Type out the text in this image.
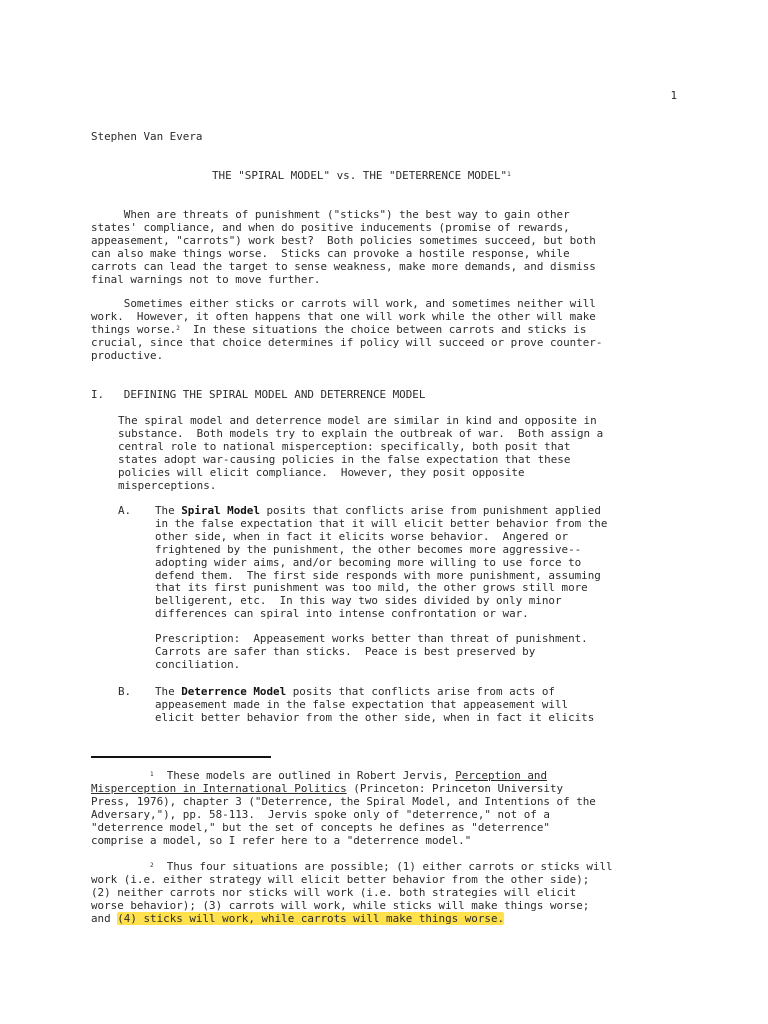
1

Stephen Van Evera

THE "SPIRAL MODEL" vs. THE "DETERRENCE MODEL"$^1$

When are threats of punishment ("sticks") the best way to gain other
states' compliance, and when do positive inducements (promise of rewards,
appeasement, "carrots") work best?  Both policies sometimes succeed, but both
can also make things worse.  Sticks can provoke a hostile response, while
carrots can lead the target to sense weakness, make more demands, and dismiss
final warnings not to move further.

Sometimes either sticks or carrots will work, and sometimes neither will
work.  However, it often happens that one will work while the other will make
things worse.$^2$  In these situations the choice between carrots and sticks is
crucial, since that choice determines if policy will succeed or prove counter-
productive.

I.   DEFINING THE SPIRAL MODEL AND DETERRENCE MODEL

The spiral model and deterrence model are similar in kind and opposite in
substance.  Both models try to explain the outbreak of war.  Both assign a
central role to national misperception: specifically, both posit that
states adopt war-causing policies in the false expectation that these
policies will elicit compliance.  However, they posit opposite
misperceptions.

A. The Spiral Model posits that conflicts arise from punishment applied
in the false expectation that it will elicit better behavior from the
other side, when in fact it elicits worse behavior.  Angered or
frightened by the punishment, the other becomes more aggressive--
adopting wider aims, and/or becoming more willing to use force to
defend them.  The first side responds with more punishment, assuming
that its first punishment was too mild, the other grows still more
belligerent, etc.  In this way two sides divided by only minor
differences can spiral into intense confrontation or war.

Prescription:  Appeasement works better than threat of punishment.
Carrots are safer than sticks.  Peace is best preserved by
conciliation.

B. The Deterrence Model posits that conflicts arise from acts of
appeasement made in the false expectation that appeasement will
elicit better behavior from the other side, when in fact it elicits

$^1$  These models are outlined in Robert Jervis, Perception and
Misperception in International Politics (Princeton: Princeton University
Press, 1976), chapter 3 ("Deterrence, the Spiral Model, and Intentions of the
Adversary,"), pp. 58-113.  Jervis spoke only of "deterrence," not of a
"deterrence model," but the set of concepts he defines as "deterrence"
comprise a model, so I refer here to a "deterrence model."

$^2$  Thus four situations are possible; (1) either carrots or sticks will
work (i.e. either strategy will elicit better behavior from the other side);
(2) neither carrots nor sticks will work (i.e. both strategies will elicit
worse behavior); (3) carrots will work, while sticks will make things worse;
and (4) sticks will work, while carrots will make things worse.
